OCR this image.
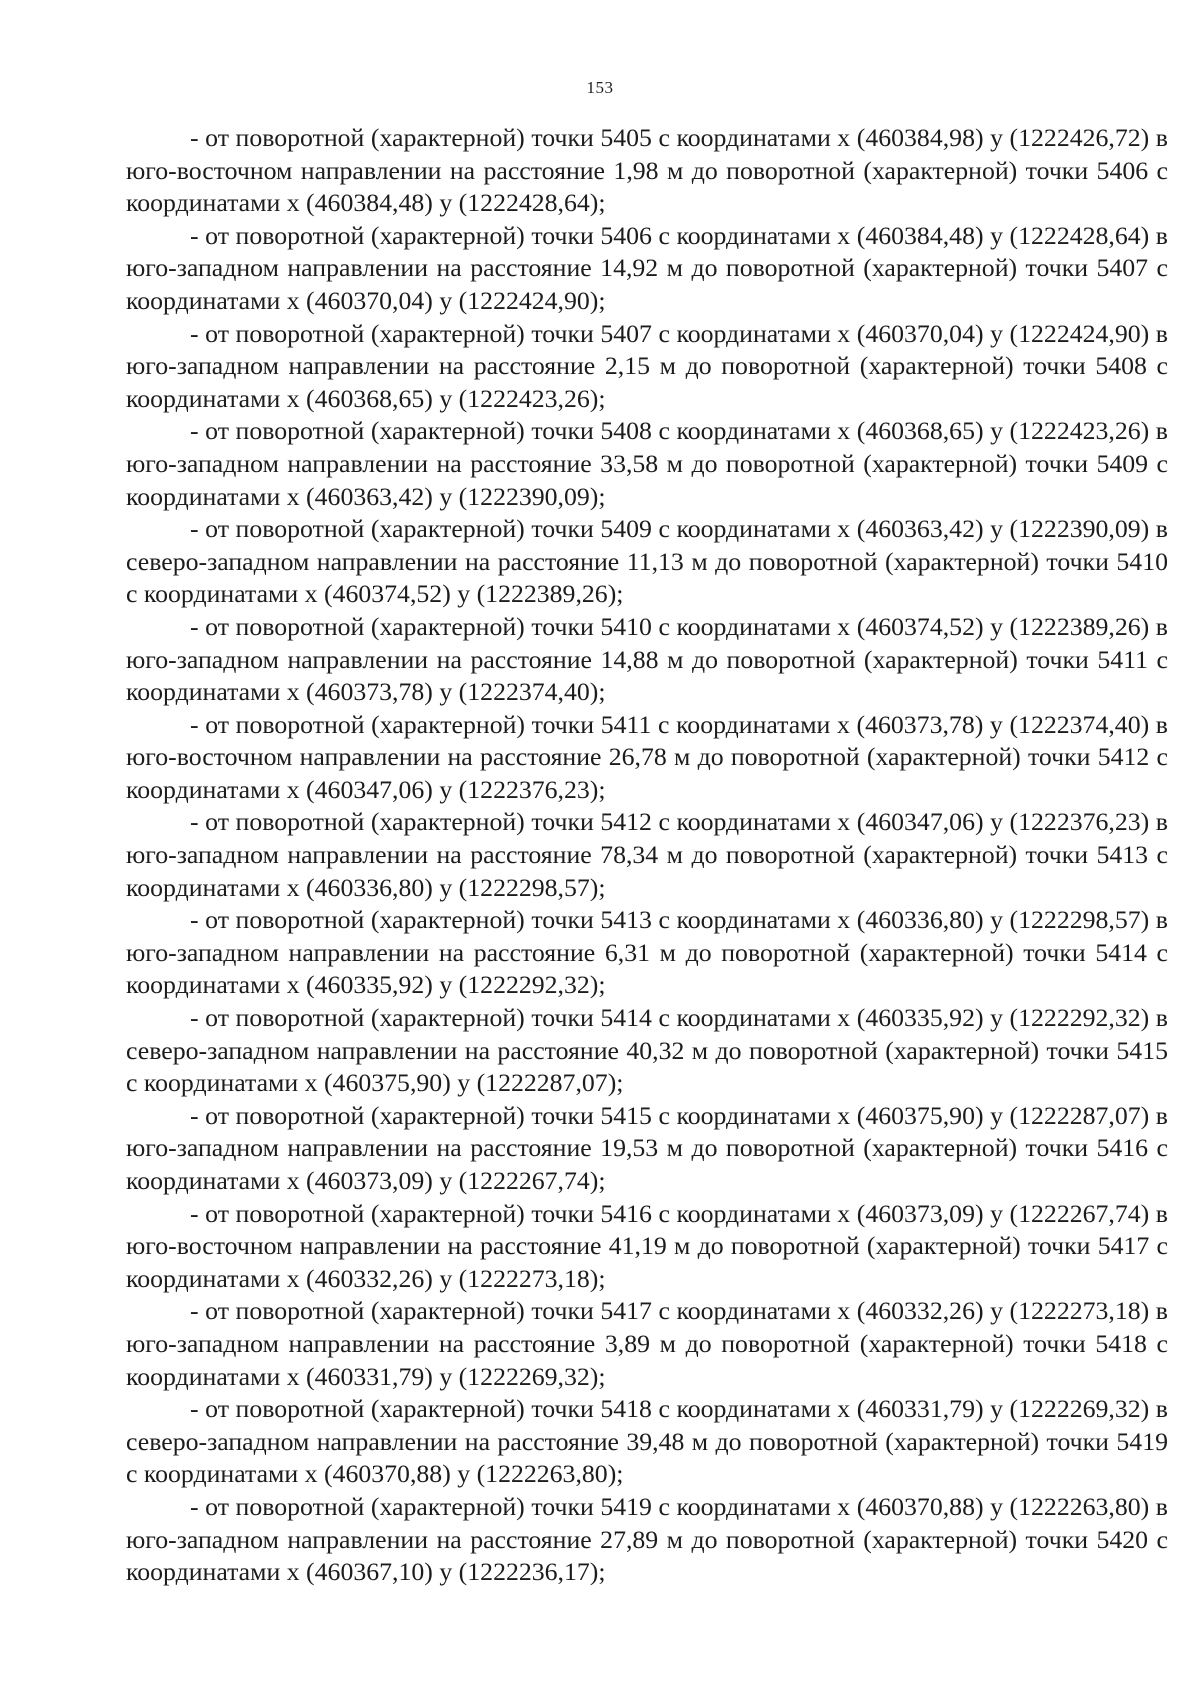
153

- от поворотной (характерной) точки 5405 с координатами x (460384,98) y (1222426,72) в юго-восточном направлении на расстояние 1,98 м до поворотной (характерной) точки 5406 с координатами x (460384,48) y (1222428,64);

- от поворотной (характерной) точки 5406 с координатами x (460384,48) y (1222428,64) в юго-западном направлении на расстояние 14,92 м до поворотной (характерной) точки 5407 с координатами x (460370,04) y (1222424,90);

- от поворотной (характерной) точки 5407 с координатами x (460370,04) y (1222424,90) в юго-западном направлении на расстояние 2,15 м до поворотной (характерной) точки 5408 с координатами x (460368,65) y (1222423,26);

- от поворотной (характерной) точки 5408 с координатами x (460368,65) y (1222423,26) в юго-западном направлении на расстояние 33,58 м до поворотной (характерной) точки 5409 с координатами x (460363,42) y (1222390,09);

- от поворотной (характерной) точки 5409 с координатами x (460363,42) y (1222390,09) в северо-западном направлении на расстояние 11,13 м до поворотной (характерной) точки 5410 с координатами x (460374,52) y (1222389,26);

- от поворотной (характерной) точки 5410 с координатами x (460374,52) y (1222389,26) в юго-западном направлении на расстояние 14,88 м до поворотной (характерной) точки 5411 с координатами x (460373,78) y (1222374,40);

- от поворотной (характерной) точки 5411 с координатами x (460373,78) y (1222374,40) в юго-восточном направлении на расстояние 26,78 м до поворотной (характерной) точки 5412 с координатами x (460347,06) y (1222376,23);

- от поворотной (характерной) точки 5412 с координатами x (460347,06) y (1222376,23) в юго-западном направлении на расстояние 78,34 м до поворотной (характерной) точки 5413 с координатами x (460336,80) y (1222298,57);

- от поворотной (характерной) точки 5413 с координатами x (460336,80) y (1222298,57) в юго-западном направлении на расстояние 6,31 м до поворотной (характерной) точки 5414 с координатами x (460335,92) y (1222292,32);

- от поворотной (характерной) точки 5414 с координатами x (460335,92) y (1222292,32) в северо-западном направлении на расстояние 40,32 м до поворотной (характерной) точки 5415 с координатами x (460375,90) y (1222287,07);

- от поворотной (характерной) точки 5415 с координатами x (460375,90) y (1222287,07) в юго-западном направлении на расстояние 19,53 м до поворотной (характерной) точки 5416 с координатами x (460373,09) y (1222267,74);

- от поворотной (характерной) точки 5416 с координатами x (460373,09) y (1222267,74) в юго-восточном направлении на расстояние 41,19 м до поворотной (характерной) точки 5417 с координатами x (460332,26) y (1222273,18);

- от поворотной (характерной) точки 5417 с координатами x (460332,26) y (1222273,18) в юго-западном направлении на расстояние 3,89 м до поворотной (характерной) точки 5418 с координатами x (460331,79) y (1222269,32);

- от поворотной (характерной) точки 5418 с координатами x (460331,79) y (1222269,32) в северо-западном направлении на расстояние 39,48 м до поворотной (характерной) точки 5419 с координатами x (460370,88) y (1222263,80);

- от поворотной (характерной) точки 5419 с координатами x (460370,88) y (1222263,80) в юго-западном направлении на расстояние 27,89 м до поворотной (характерной) точки 5420 с координатами x (460367,10) y (1222236,17);
